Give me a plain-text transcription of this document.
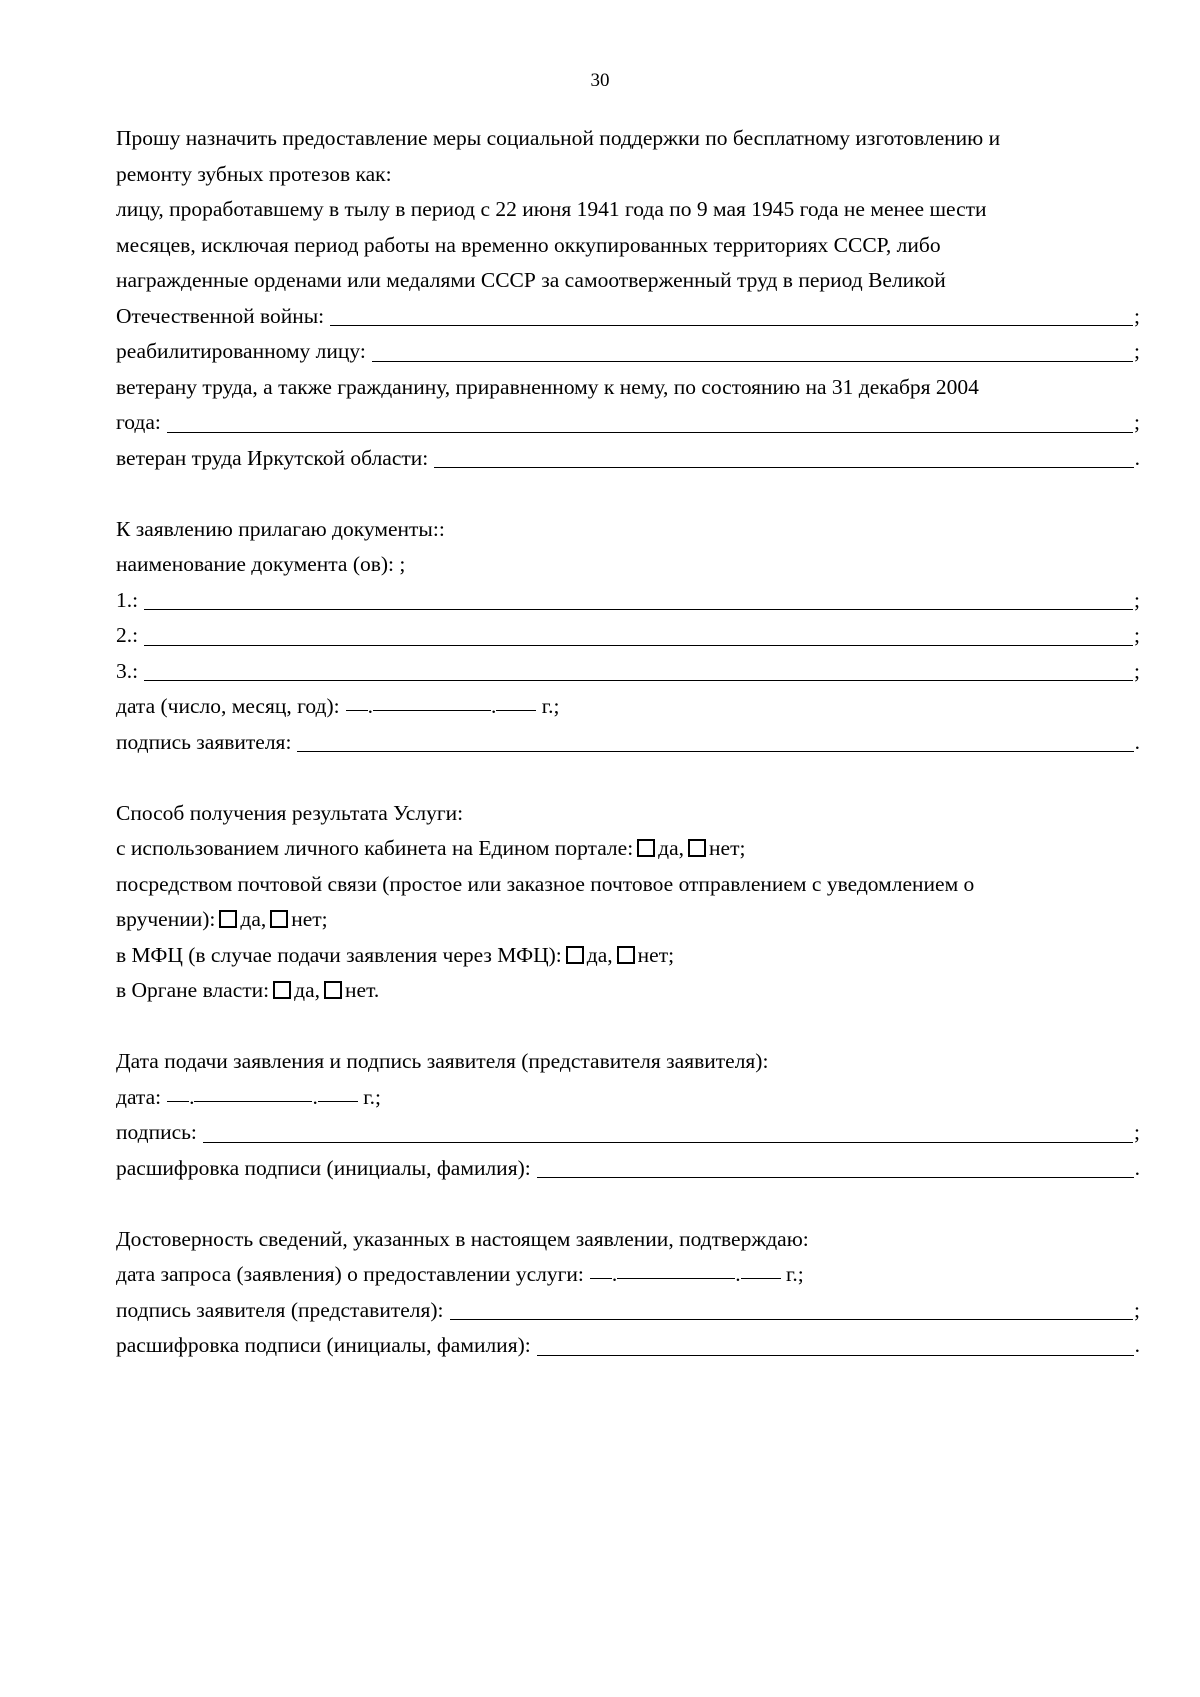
30
Прошу назначить предоставление меры социальной поддержки по бесплатному изготовлению и
ремонту зубных протезов как:
лицу, проработавшему в тылу в период с 22 июня 1941 года по 9 мая 1945 года не менее шести
месяцев, исключая период работы на временно оккупированных территориях СССР, либо
награжденные орденами или медалями СССР за самоотверженный труд в период Великой
Отечественной войны:	;
реабилитированному лицу:	;
ветерану труда, а также гражданину, приравненному к нему, по состоянию на 31 декабря 2004
года:	;
ветеран труда Иркутской области:	.
К заявлению прилагаю документы::
наименование документа (ов): ;
1.:	;
2.:	;
3.:	;
дата (число, месяц, год): .	. г.;
подпись заявителя:	.
Способ получения результата Услуги:
с использованием личного кабинета на Едином портале: да, нет;
посредством почтовой связи (простое или заказное почтовое отправлением с уведомлением о
вручении): да, нет;
в МФЦ (в случае подачи заявления через МФЦ): да, нет;
в Органе власти: да, нет.
Дата подачи заявления и подпись заявителя (представителя заявителя):
дата: .	. г.;
подпись:	;
расшифровка подписи (инициалы, фамилия):	.
Достоверность сведений, указанных в настоящем заявлении, подтверждаю:
дата запроса (заявления) о предоставлении услуги: .	. г.;
подпись заявителя (представителя):	;
расшифровка подписи (инициалы, фамилия):	.
